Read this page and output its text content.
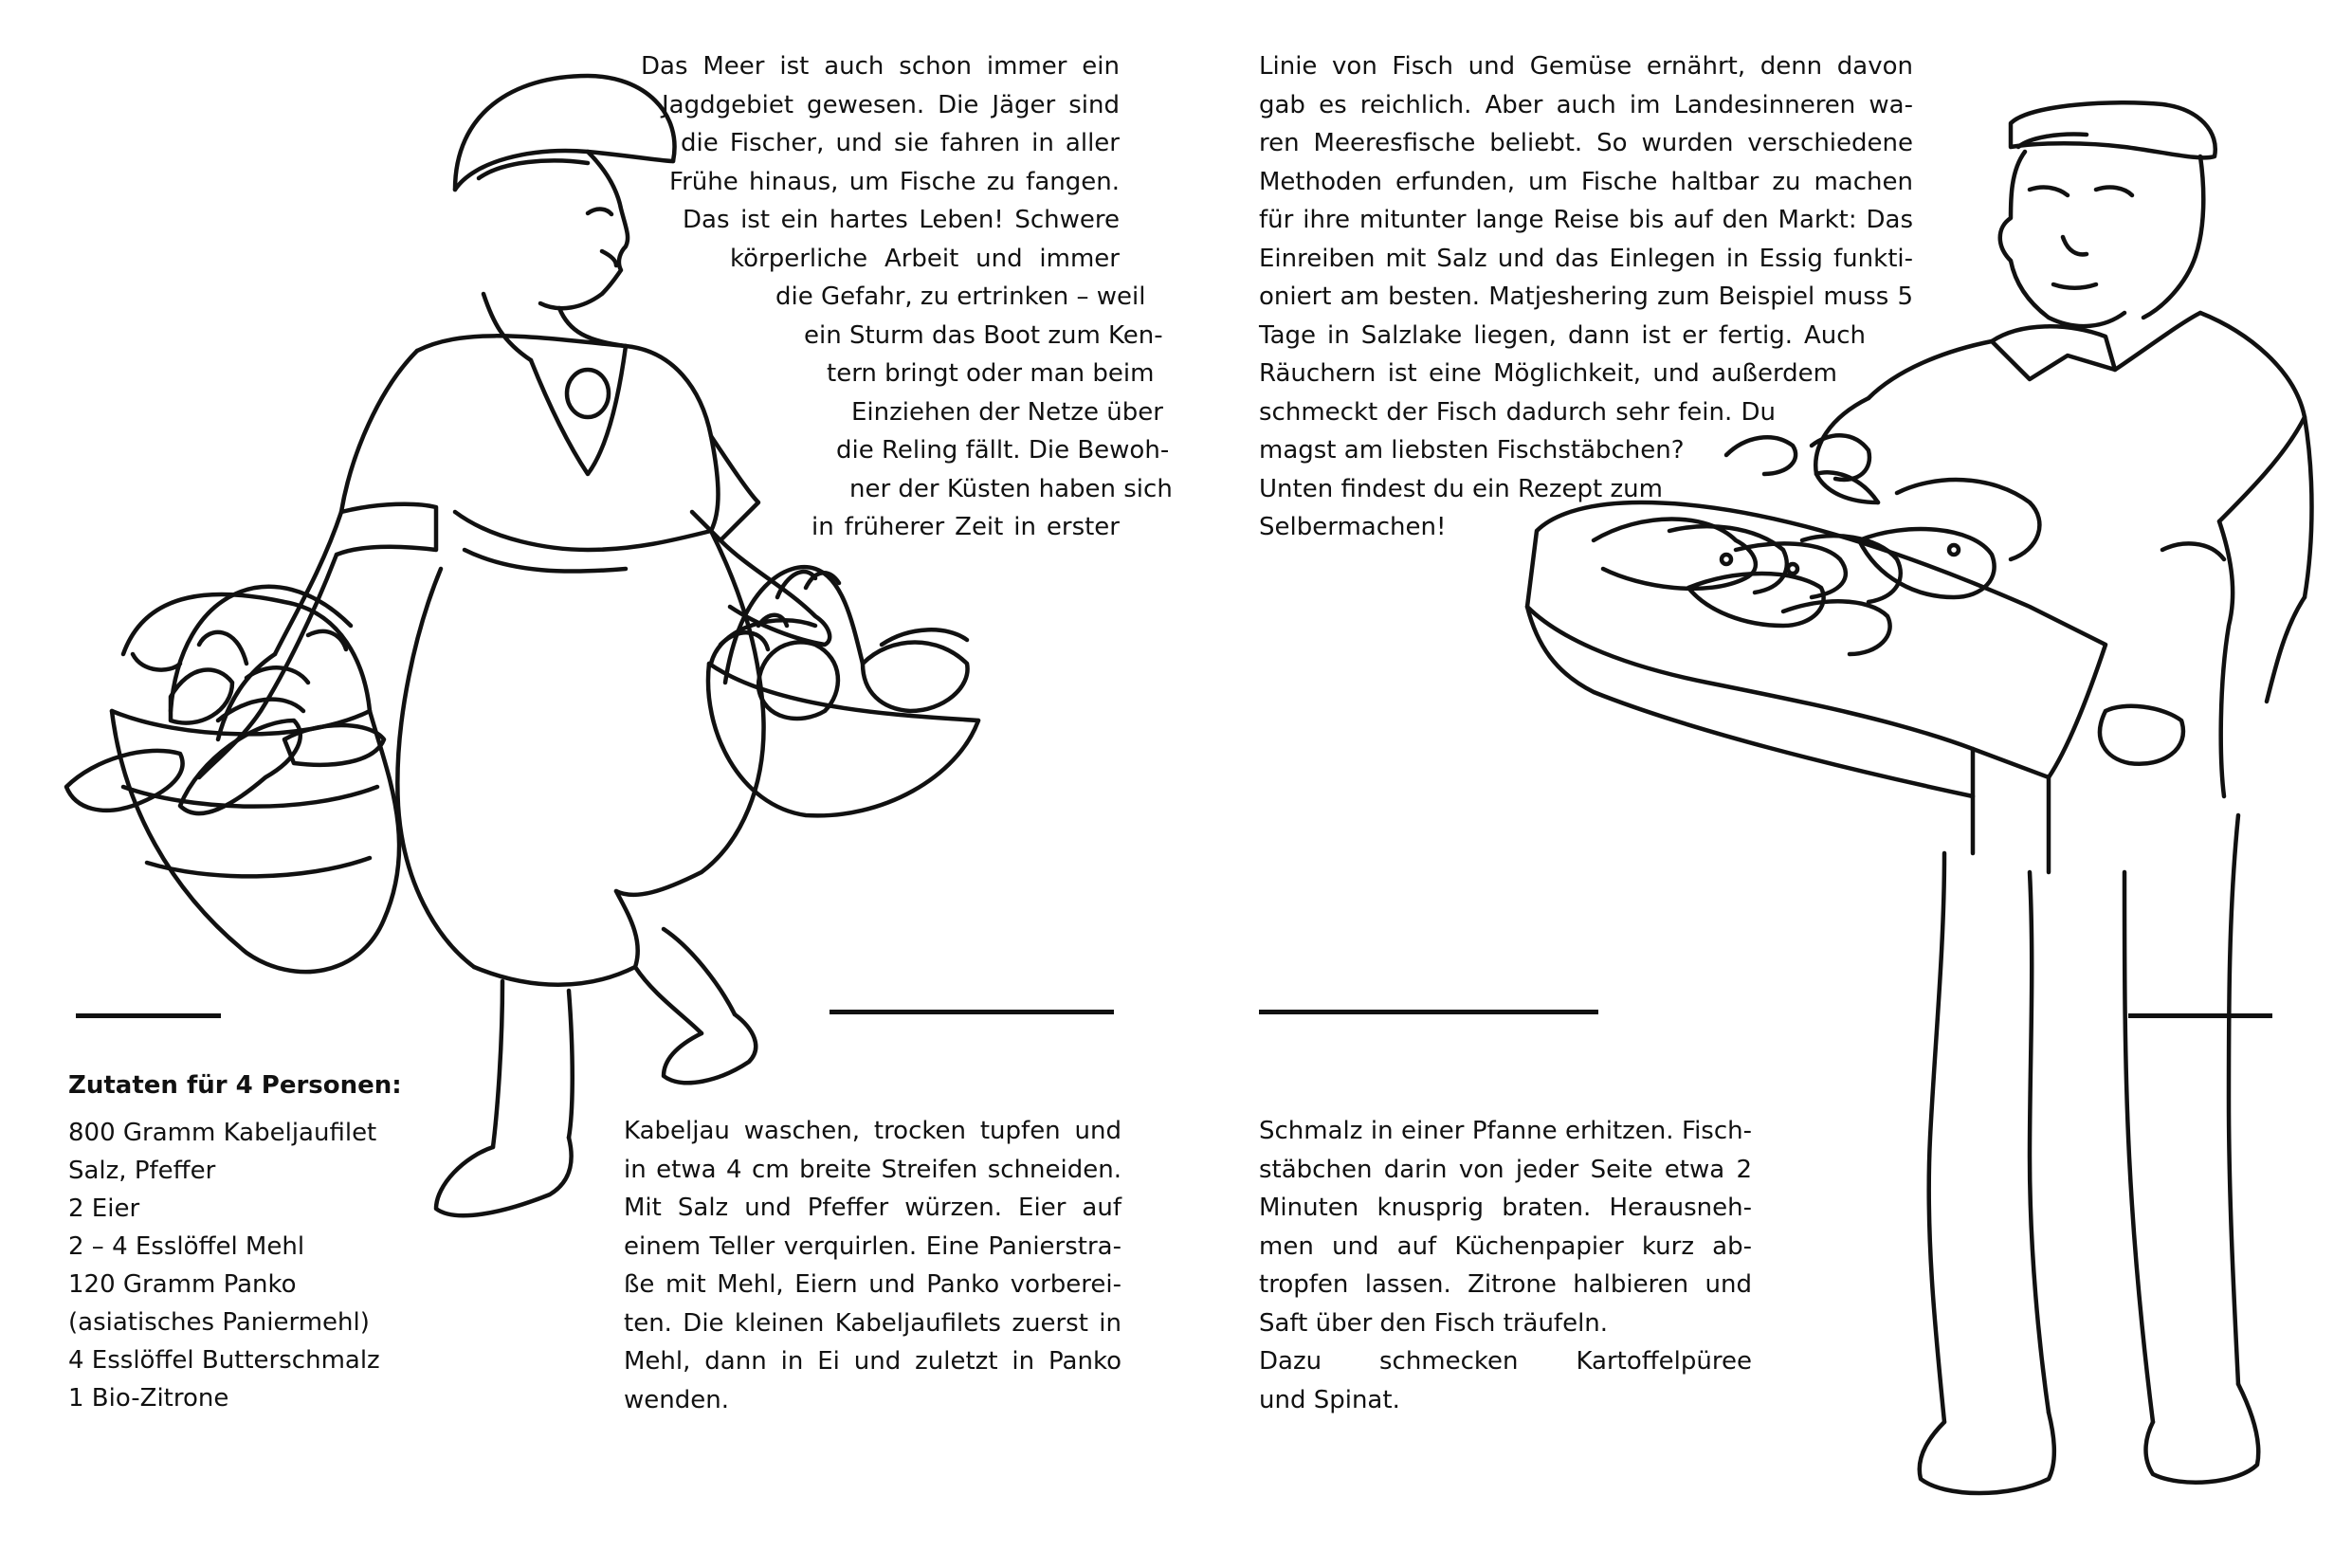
Das Meer ist auch schon immer ein
Jagdgebiet gewesen. Die Jäger sind
die Fischer, und sie fahren in aller
Frühe hinaus, um Fische zu fangen.
Das ist ein hartes Leben! Schwere
körperliche Arbeit und immer
die Gefahr, zu ertrinken – weil
ein Sturm das Boot zum Ken-
tern bringt oder man beim
Einziehen der Netze über
die Reling fällt. Die Bewoh-
ner der Küsten haben sich
in früherer Zeit in erster
Zutaten für 4 Personen:
800 Gramm Kabeljaufilet
Salz, Pfeffer
2 Eier
2 – 4 Esslöffel Mehl
120 Gramm Panko
(asiatisches Paniermehl)
4 Esslöffel Butterschmalz
1 Bio-Zitrone
Kabeljau waschen, trocken tupfen und
in etwa 4 cm breite Streifen schneiden.
Mit Salz und Pfeffer würzen. Eier auf
einem Teller verquirlen. Eine Panierstra-
ße mit Mehl, Eiern und Panko vorberei-
ten. Die kleinen Kabeljaufilets zuerst in
Mehl, dann in Ei und zuletzt in Panko
wenden.
Linie von Fisch und Gemüse ernährt, denn davon
gab es reichlich. Aber auch im Landesinneren wa-
ren Meeresfische beliebt. So wurden verschiedene
Methoden erfunden, um Fische haltbar zu machen
für ihre mitunter lange Reise bis auf den Markt: Das
Einreiben mit Salz und das Einlegen in Essig funkti-
oniert am besten. Matjeshering zum Beispiel muss 5
Tage in Salzlake liegen, dann ist er fertig. Auch
Räuchern ist eine Möglichkeit, und außerdem
schmeckt der Fisch dadurch sehr fein. Du
magst am liebsten Fischstäbchen?
Unten findest du ein Rezept zum
Selbermachen!
Schmalz in einer Pfanne erhitzen. Fisch-
stäbchen darin von jeder Seite etwa 2
Minuten knusprig braten. Herausneh-
men und auf Küchenpapier kurz ab-
tropfen lassen. Zitrone halbieren und
Saft über den Fisch träufeln.
Dazu schmecken Kartoffelpüree
und Spinat.
